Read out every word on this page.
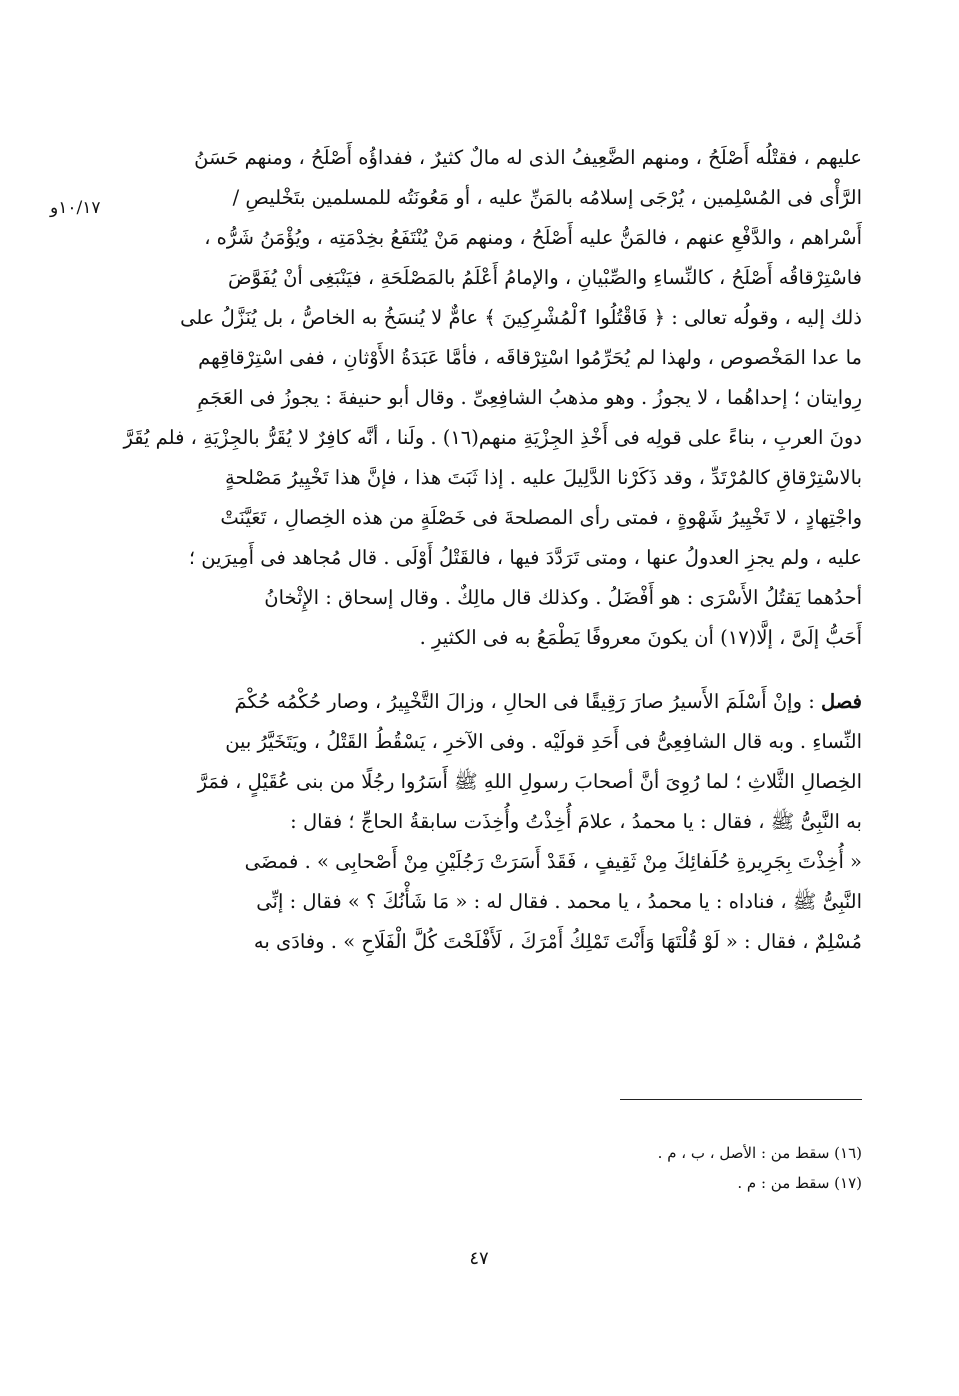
١٠/١٧و
عليهم ، فقتْلُه أَصْلَحُ ، ومنهم الضَّعِيفُ الذى له مالٌ كثيرٌ ، ففداؤُه أَصْلَحُ ، ومنهم حَسَنُ
الرَّأْى فى المُسْلِمين ، يُرْجَى إسلامُه بالمَنِّ عليه ، أو مَعُونَتُه للمسلمين بتَخْليصِ /
أَسْراهم ، والدَّفْعِ عنهم ، فالمَنُّ عليه أَصْلَحُ ، ومنهم مَنْ يُنْتَفَعُ بخِدْمَتِه ، ويُؤْمَنُ شَرُّه ،
فاسْتِرْقاقُه أَصْلَحُ ، كالنِّساءِ والصِّبْيانِ ، والإمامُ أَعْلَمُ بالمَصْلَحَةِ ، فيَنْبَغِى أنْ يُفَوَّضَ
ذلك إليه ، وقولُه تعالى : ﴿ فَاقْتُلُوا ٱلْمُشْرِكِينَ ﴾ عامٌّ لا يُنسَخُ به الخاصُّ ، بل يُنَزَّلُ على
ما عدا المَخْصوص ، ولهذا لم يُحَرِّمُوا اسْتِرْقاقَه ، فأمَّا عَبَدَةُ الأَوْثانِ ، ففى اسْتِرْقاقِهم
رِوايتان ؛ إحداهُما ، لا يجوزُ . وهو مذهبُ الشافِعِىِّ . وقال أبو حنيفةَ : يجوزُ فى العَجَمِ
دونَ العربِ ، بناءً على قولِه فى أَخْذِ الجِزْيَةِ منهم(١٦) . ولَنا ، أنَّه كافِرٌ لا يُقَرُّ بالجِزْيَةِ ، فلم يُقَرَّ
بالاسْتِرْقاقِ كالمُرْتَدِّ ، وقد ذَكَرْنا الدَّلِيلَ عليه . إذا ثَبَتَ هذا ، فإنَّ هذا تَخْيِيرُ مَصْلحةٍ
واجْتِهادٍ ، لا تَخْيِيرُ شَهْوةٍ ، فمتى رأى المصلحةَ فى خَصْلَةٍ من هذه الخِصالِ ، تَعَيَّنَتْ
عليه ، ولم يجزِ العدولُ عنها ، ومتى تَرَدَّدَ فيها ، فالقَتْلُ أَوْلَى . قال مُجاهد فى أَمِيرَين ؛
أحدُهما يَقتُلُ الأَسْرَى : هو أَفْضَلُ . وكذلك قال مالِكٌ . وقال إسحاق : الإِثْخانُ
أَحَبُّ إلَىَّ ، إلَّا(١٧) أن يكونَ معروفًا يَطْمَعُ به فى الكثيرِ .
فصل : وإنْ أَسْلَمَ الأَسيرُ صارَ رَقِيقًا فى الحالِ ، وزالَ التَّخْيِيرُ ، وصار حُكْمُه حُكْمَ
النِّساءِ . وبه قال الشافِعِىُّ فى أَحَدِ قولَيْه . وفى الآخرِ ، يَسْقُطُ القَتْلُ ، ويَتَخَيَّرُ بين
الخِصالِ الثَّلاثِ ؛ لما رُوِىَ أنَّ أصحابَ رسولِ اللهِ ﷺ أَسَرُوا رجُلًا من بنى عُقَيْلٍ ، فمَرَّ
به النَّبِىُّ ﷺ ، فقال : يا محمدُ ، علامَ أُخِذْتُ وأُخِذَت سابقةُ الحاجِّ ؛ فقال :
« أُخِذْتَ بِجَرِيرةِ حُلَفائِكَ مِنْ ثَقِيفٍ ، فَقَدْ أَسَرَتْ رَجُلَيْنِ مِنْ أَصْحابِى » . فمضَى
النَّبِىُّ ﷺ ، فناداه : يا محمدُ ، يا محمد . فقال له : « مَا شَأْنُكَ ؟ » فقال : إنِّى
مُسْلِمٌ ، فقال : « لَوْ قُلْتَهَا وَأَنْتَ تَمْلِكُ أَمْرَكَ ، لَأَفْلَحْتَ كُلَّ الْفَلَاحِ » . وفادَى به
(١٦) سقط من : الأصل ، ب ، م .
(١٧) سقط من : م .
٤٧
